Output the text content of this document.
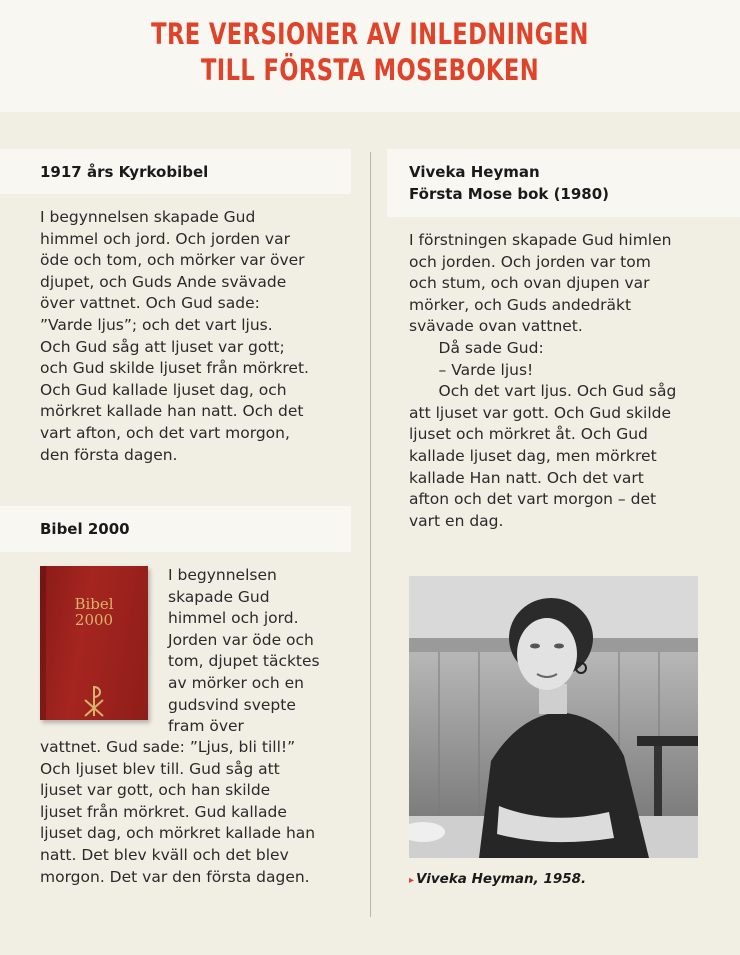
TRE VERSIONER AV INLEDNINGEN
TILL FÖRSTA MOSEBOKEN
1917 års Kyrkobibel
I begynnelsen skapade Gud
himmel och jord. Och jorden var
öde och tom, och mörker var över
djupet, och Guds Ande svävade
över vattnet. Och Gud sade:
”Varde ljus”; och det vart ljus.
Och Gud såg att ljuset var gott;
och Gud skilde ljuset från mörkret.
Och Gud kallade ljuset dag, och
mörkret kallade han natt. Och det
vart afton, och det vart morgon,
den första dagen.
Bibel 2000
Bibel
2000
I begynnelsen
skapade Gud
himmel och jord.
Jorden var öde och
tom, djupet täcktes
av mörker och en
gudsvind svepte
fram över
vattnet. Gud sade: ”Ljus, bli till!”
Och ljuset blev till. Gud såg att
ljuset var gott, och han skilde
ljuset från mörkret. Gud kallade
ljuset dag, och mörkret kallade han
natt. Det blev kväll och det blev
morgon. Det var den första dagen.
Viveka Heyman
Första Mose bok (1980)
I förstningen skapade Gud himlen
och jorden. Och jorden var tom
och stum, och ovan djupen var
mörker, och Guds andedräkt
svävade ovan vattnet.
Då sade Gud:
– Varde ljus!
Och det vart ljus. Och Gud såg
att ljuset var gott. Och Gud skilde
ljuset och mörkret åt. Och Gud
kallade ljuset dag, men mörkret
kallade Han natt. Och det vart
afton och det vart morgon – det
vart en dag.
▸ Viveka Heyman, 1958.
